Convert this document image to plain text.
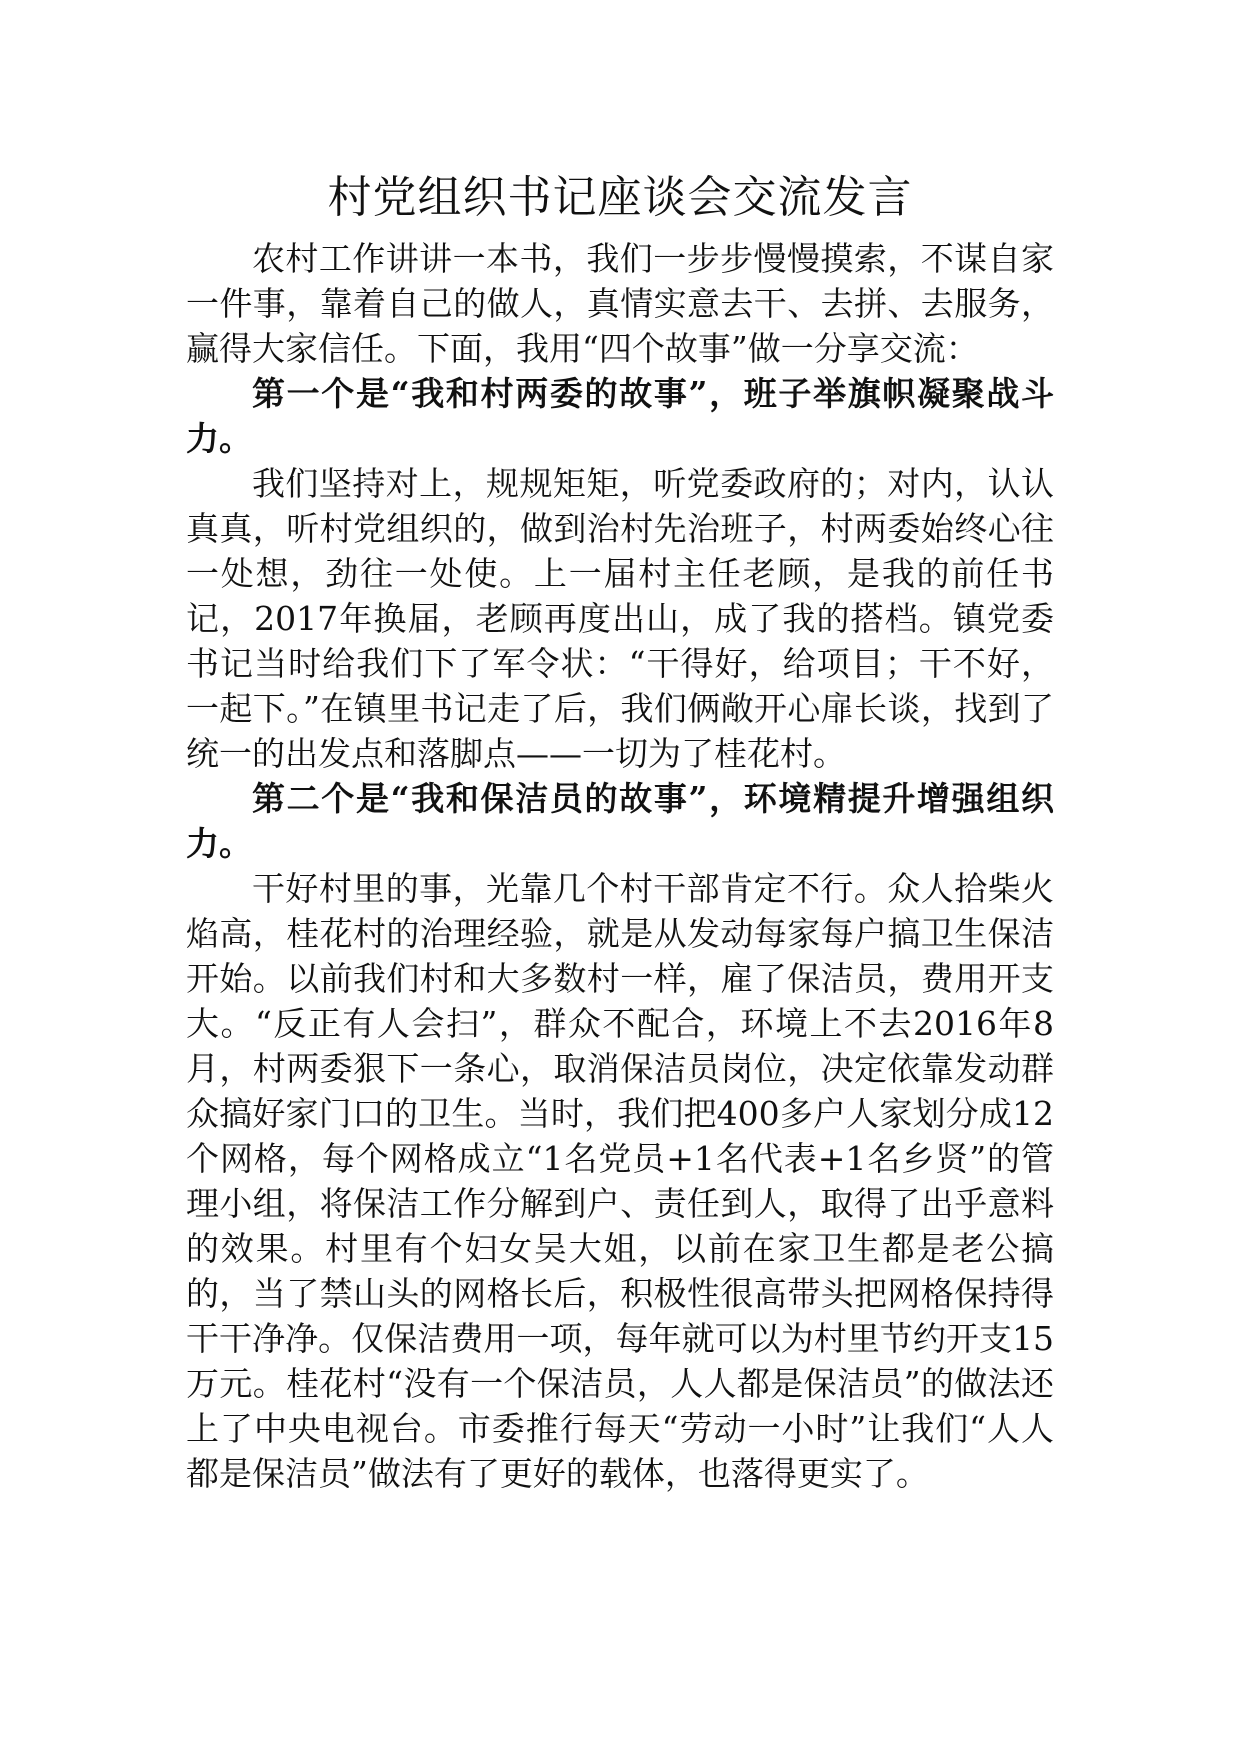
村党组织书记座谈会交流发言

农村工作讲讲一本书，我们一步步慢慢摸索，不谋自家一件事，靠着自己的做人，真情实意去干、去拼、去服务，赢得大家信任。下面，我用“四个故事”做一分享交流：

第一个是“我和村两委的故事”，班子举旗帜凝聚战斗力。

我们坚持对上，规规矩矩，听党委政府的；对内，认认真真，听村党组织的，做到治村先治班子，村两委始终心往一处想，劲往一处使。上一届村主任老顾，是我的前任书记，2017年换届，老顾再度出山，成了我的搭档。镇党委书记当时给我们下了军令状：“干得好，给项目；干不好，一起下。”在镇里书记走了后，我们俩敞开心扉长谈，找到了统一的出发点和落脚点——一切为了桂花村。

第二个是“我和保洁员的故事”，环境精提升增强组织力。

干好村里的事，光靠几个村干部肯定不行。众人拾柴火焰高，桂花村的治理经验，就是从发动每家每户搞卫生保洁开始。以前我们村和大多数村一样，雇了保洁员，费用开支大。“反正有人会扫”，群众不配合，环境上不去2016年8月，村两委狠下一条心，取消保洁员岗位，决定依靠发动群众搞好家门口的卫生。当时，我们把400多户人家划分成12个网格，每个网格成立“1名党员+1名代表+1名乡贤”的管理小组，将保洁工作分解到户、责任到人，取得了出乎意料的效果。村里有个妇女吴大姐，以前在家卫生都是老公搞的，当了禁山头的网格长后，积极性很高带头把网格保持得干干净净。仅保洁费用一项，每年就可以为村里节约开支15万元。桂花村“没有一个保洁员，人人都是保洁员”的做法还上了中央电视台。市委推行每天“劳动一小时”让我们“人人都是保洁员”做法有了更好的载体，也落得更实了。
